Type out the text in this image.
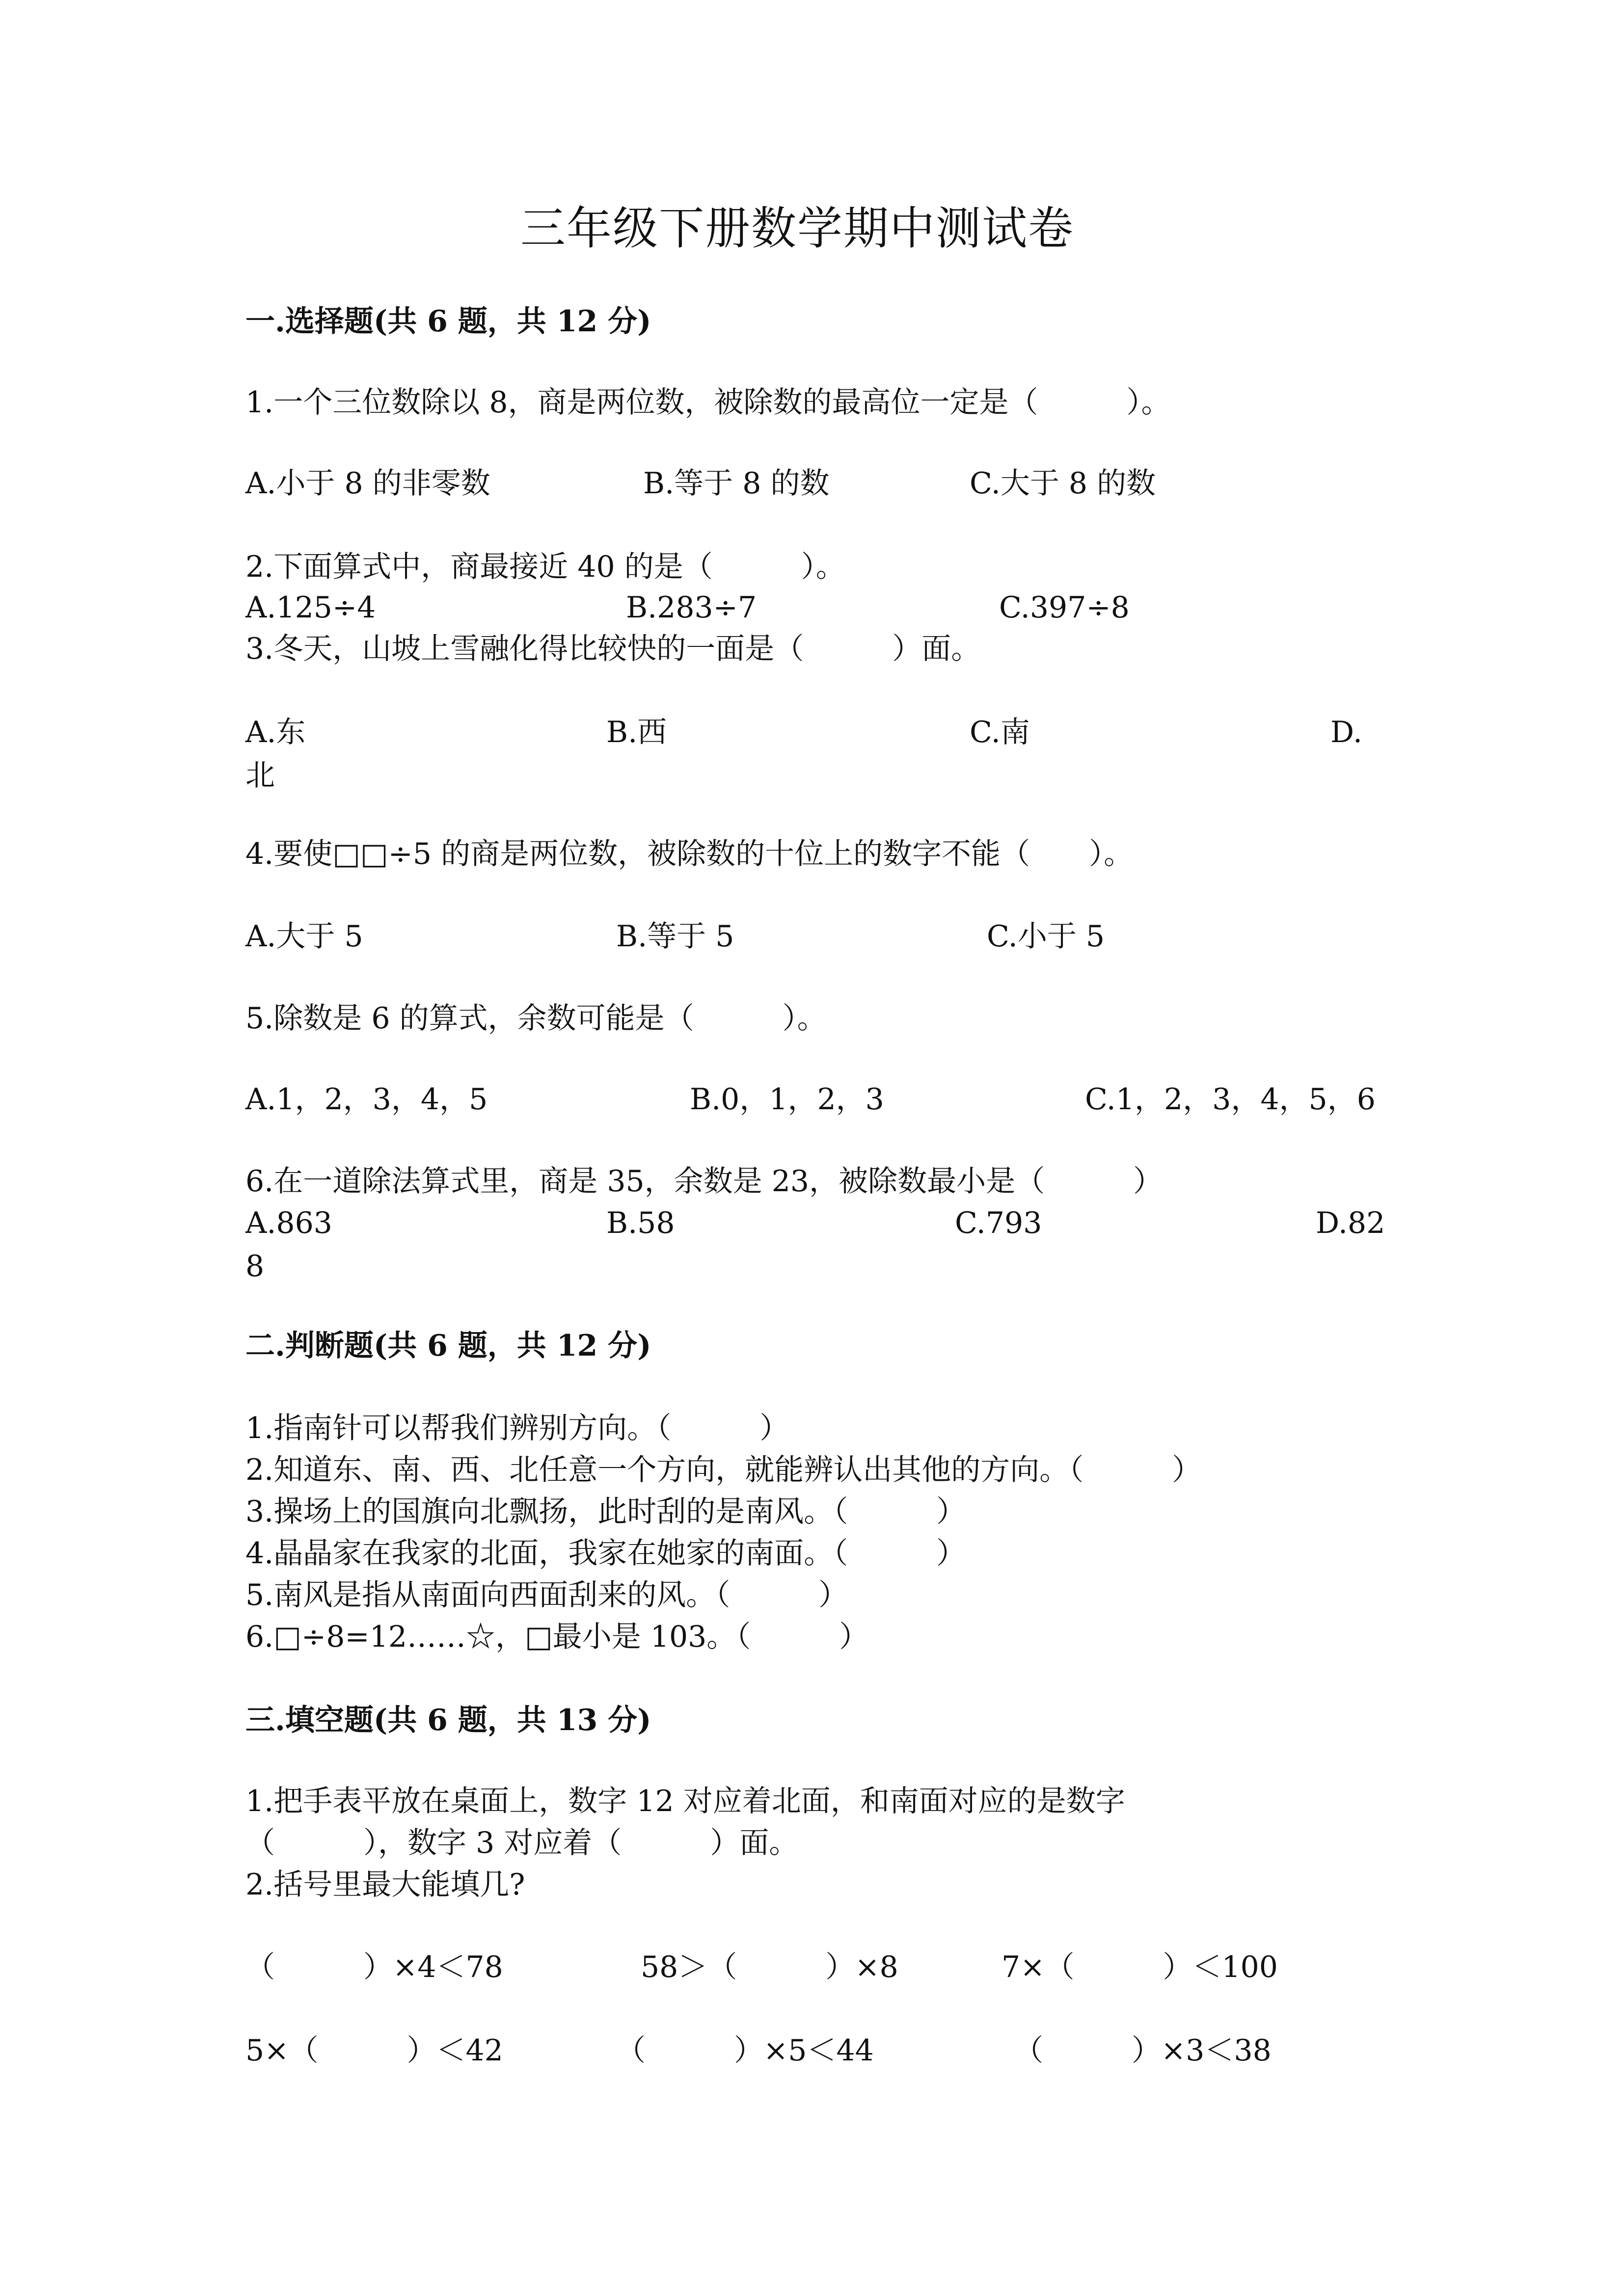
三年级下册数学期中测试卷
一.选择题(共 6 题，共 12 分)
1.一个三位数除以 8，商是两位数，被除数的最高位一定是（　　　）。
A.小于 8 的非零数	B.等于 8 的数	C.大于 8 的数
2.下面算式中，商最接近 40 的是（　　　）。
A.125÷4	B.283÷7	C.397÷8
3.冬天，山坡上雪融化得比较快的一面是（　　　）面。
A.东	B.西	C.南	D.
北
4.要使□□÷5 的商是两位数，被除数的十位上的数字不能（　　）。
A.大于 5	B.等于 5	C.小于 5
5.除数是 6 的算式，余数可能是（　　　）。
A.1，2，3，4，5	B.0，1，2，3	C.1，2，3，4，5，6
6.在一道除法算式里，商是 35，余数是 23，被除数最小是（　　　）
A.863	B.58	C.793	D.82
8
二.判断题(共 6 题，共 12 分)
1.指南针可以帮我们辨别方向。（　　　）
2.知道东、南、西、北任意一个方向，就能辨认出其他的方向。（　　　）
3.操场上的国旗向北飘扬，此时刮的是南风。（　　　）
4.晶晶家在我家的北面，我家在她家的南面。（　　　）
5.南风是指从南面向西面刮来的风。（　　　）
6.□÷8=12……☆，□最小是 103。（　　　）
三.填空题(共 6 题，共 13 分)
1.把手表平放在桌面上，数字 12 对应着北面，和南面对应的是数字
（　　　），数字 3 对应着（　　　）面。
2.括号里最大能填几?
（　　　）×4＜78	58＞（　　　）×8	7×（　　　）＜100
5×（　　　）＜42	（　　　）×5＜44	（　　　）×3＜38
